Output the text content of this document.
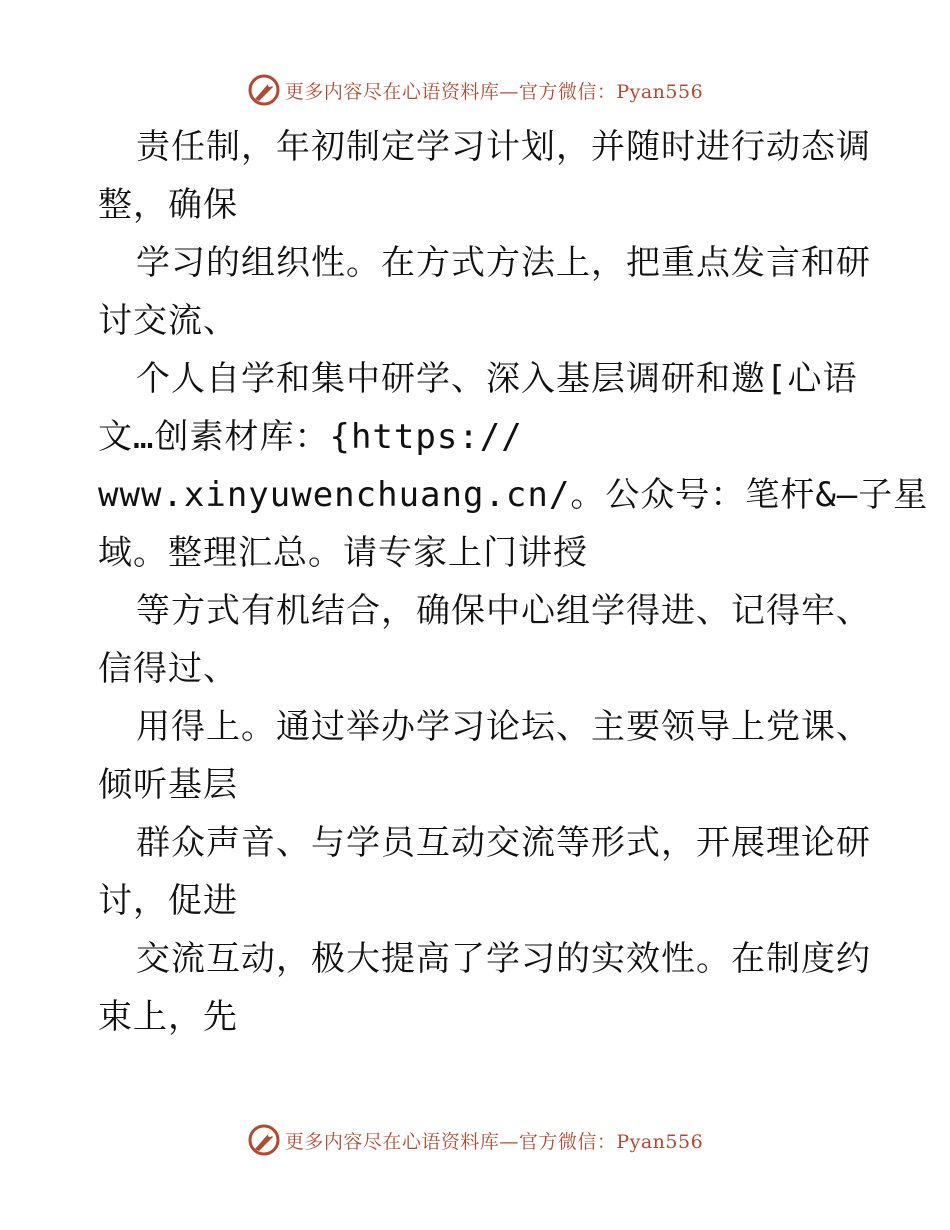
更多内容尽在心语资料库—官方微信：Pyan556
责任制，年初制定学习计划，并随时进行动态调
整，确保
学习的组织性。在方式方法上，把重点发言和研
讨交流、
个人自学和集中研学、深入基层调研和邀[心语
文…创素材库：{https://
www.xinyuwenchuang.cn/。公众号：笔杆&—子星
域。整理汇总。请专家上门讲授
等方式有机结合，确保中心组学得进、记得牢、
信得过、
用得上。通过举办学习论坛、主要领导上党课、
倾听基层
群众声音、与学员互动交流等形式，开展理论研
讨，促进
交流互动，极大提高了学习的实效性。在制度约
束上，先
更多内容尽在心语资料库—官方微信：Pyan556
